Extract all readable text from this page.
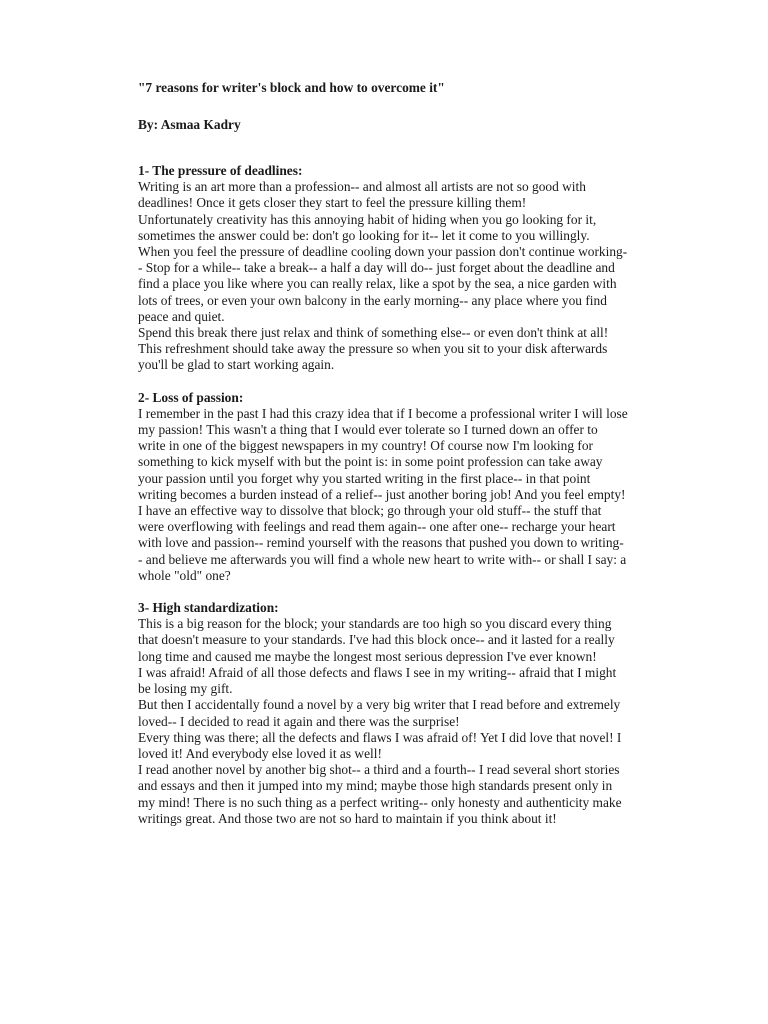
"7 reasons for writer's block and how to overcome it"
By: Asmaa Kadry
1- The pressure of deadlines:

Writing is an art more than a profession-- and almost all artists are not so good with deadlines! Once it gets closer they start to feel the pressure killing them!

Unfortunately creativity has this annoying habit of hiding when you go looking for it, sometimes the answer could be: don't go looking for it-- let it come to you willingly.

When you feel the pressure of deadline cooling down your passion don't continue working-- Stop for a while-- take a break-- a half a day will do-- just forget about the deadline and find a place you like where you can really relax, like a spot by the sea, a nice garden with lots of trees, or even your own balcony in the early morning-- any place where you find peace and quiet.

Spend this break there just relax and think of something else-- or even don't think at all! This refreshment should take away the pressure so when you sit to your disk afterwards you'll be glad to start working again.

2- Loss of passion:

I remember in the past I had this crazy idea that if I become a professional writer I will lose my passion! This wasn't a thing that I would ever tolerate so I turned down an offer to write in one of the biggest newspapers in my country! Of course now I'm looking for something to kick myself with but the point is: in some point profession can take away your passion until you forget why you started writing in the first place-- in that point writing becomes a burden instead of a relief-- just another boring job! And you feel empty!

I have an effective way to dissolve that block; go through your old stuff-- the stuff that were overflowing with feelings and read them again-- one after one-- recharge your heart with love and passion-- remind yourself with the reasons that pushed you down to writing-- and believe me afterwards you will find a whole new heart to write with-- or shall I say: a whole "old" one?

3- High standardization:

This is a big reason for the block; your standards are too high so you discard every thing that doesn't measure to your standards. I've had this block once-- and it lasted for a really long time and caused me maybe the longest most serious depression I've ever known!

I was afraid! Afraid of all those defects and flaws I see in my writing-- afraid that I might be losing my gift.

But then I accidentally found a novel by a very big writer that I read before and extremely loved-- I decided to read it again and there was the surprise!

Every thing was there; all the defects and flaws I was afraid of! Yet I did love that novel! I loved it! And everybody else loved it as well!

I read another novel by another big shot-- a third and a fourth-- I read several short stories and essays and then it jumped into my mind; maybe those high standards present only in my mind! There is no such thing as a perfect writing-- only honesty and authenticity make writings great. And those two are not so hard to maintain if you think about it!
